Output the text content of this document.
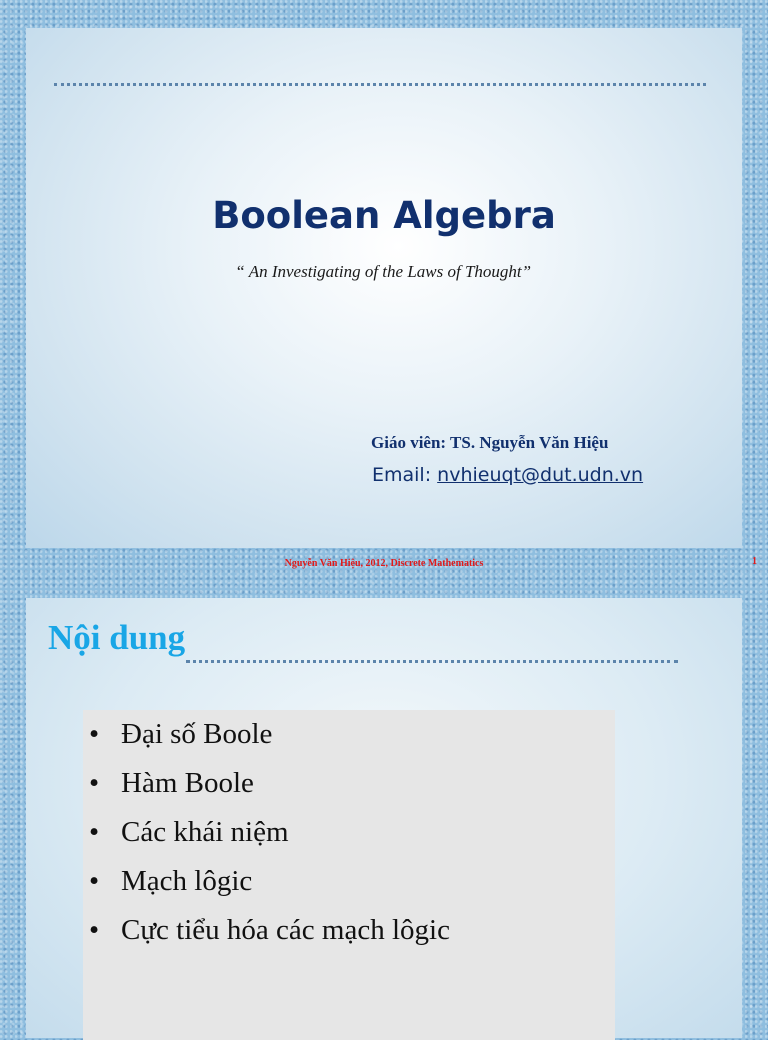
Boolean Algebra
“ An Investigating of the Laws of Thought”
Giáo viên: TS. Nguyễn Văn Hiệu
Email: nvhieuqt@dut.udn.vn
Nguyễn Văn Hiệu, 2012, Discrete Mathematics	1
Nội dung
• Đại số Boole
• Hàm Boole
• Các khái niệm
• Mạch lôgic
• Cực tiểu hóa các mạch lôgic
